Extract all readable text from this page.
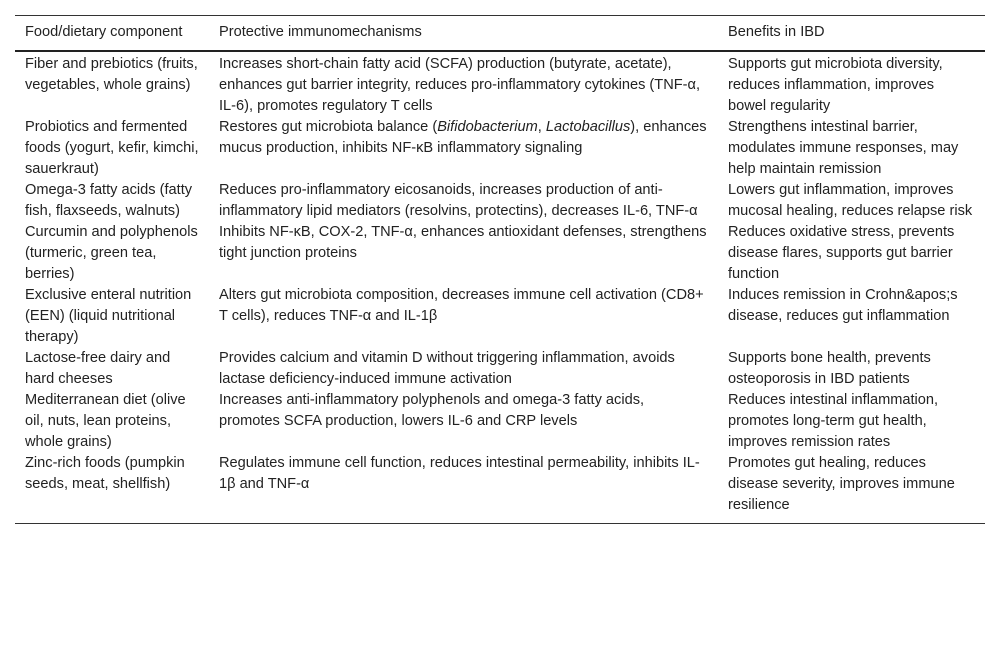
Food/dietary component	Protective immunomechanisms	Benefits in IBD
Fiber and prebiotics (fruits, vegetables, whole grains)	Increases short-chain fatty acid (SCFA) production (butyrate, acetate), enhances gut barrier integrity, reduces pro-inflammatory cytokines (TNF-α, IL-6), promotes regulatory T cells	Supports gut microbiota diversity, reduces inflammation, improves bowel regularity
Probiotics and fermented foods (yogurt, kefir, kimchi, sauerkraut)	Restores gut microbiota balance (Bifidobacterium, Lactobacillus), enhances mucus production, inhibits NF-κB inflammatory signaling	Strengthens intestinal barrier, modulates immune responses, may help maintain remission
Omega-3 fatty acids (fatty fish, flaxseeds, walnuts)	Reduces pro-inflammatory eicosanoids, increases production of anti-inflammatory lipid mediators (resolvins, protectins), decreases IL-6, TNF-α	Lowers gut inflammation, improves mucosal healing, reduces relapse risk
Curcumin and polyphenols (turmeric, green tea, berries)	Inhibits NF-κB, COX-2, TNF-α, enhances antioxidant defenses, strengthens tight junction proteins	Reduces oxidative stress, prevents disease flares, supports gut barrier function
Exclusive enteral nutrition (EEN) (liquid nutritional therapy)	Alters gut microbiota composition, decreases immune cell activation (CD8+ T cells), reduces TNF-α and IL-1β	Induces remission in Crohn&apos;s disease, reduces gut inflammation
Lactose-free dairy and hard cheeses	Provides calcium and vitamin D without triggering inflammation, avoids lactase deficiency-induced immune activation	Supports bone health, prevents osteoporosis in IBD patients
Mediterranean diet (olive oil, nuts, lean proteins, whole grains)	Increases anti-inflammatory polyphenols and omega-3 fatty acids, promotes SCFA production, lowers IL-6 and CRP levels	Reduces intestinal inflammation, promotes long-term gut health, improves remission rates
Zinc-rich foods (pumpkin seeds, meat, shellfish)	Regulates immune cell function, reduces intestinal permeability, inhibits IL-1β and TNF-α	Promotes gut healing, reduces disease severity, improves immune resilience
